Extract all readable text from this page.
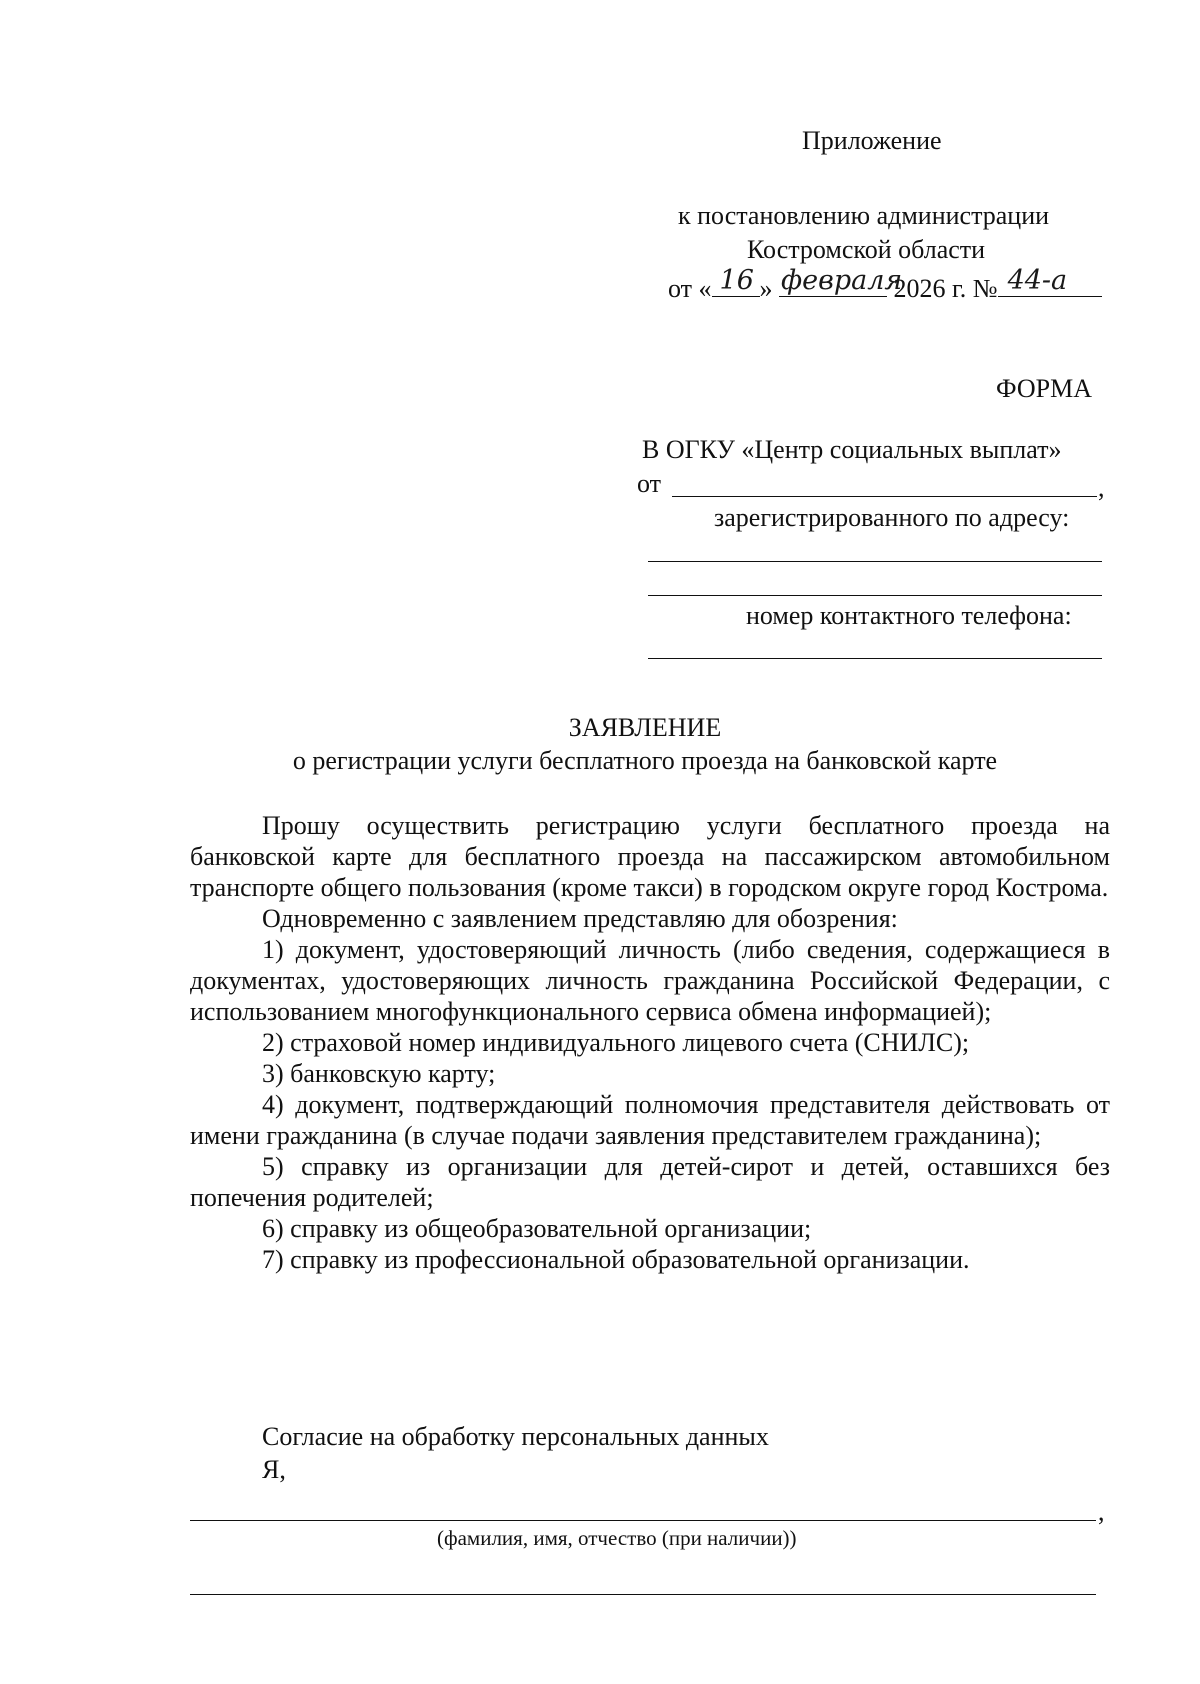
Приложение
к постановлению администрации
Костромской области
от « 16 » февраля
2026 г. № 44-а
ФОРМА
В ОГКУ «Центр социальных выплат»
от	,
зарегистрированного по адресу:
номер контактного телефона:
ЗАЯВЛЕНИЕ
о регистрации услуги бесплатного проезда на банковской карте

Прошу осуществить регистрацию услуги бесплатного проезда на банковской карте для бесплатного проезда на пассажирском автомобильном транспорте общего пользования (кроме такси) в городском округе город Кострома.

Одновременно с заявлением представляю для обозрения:

1) документ, удостоверяющий личность (либо сведения, содержащиеся в документах, удостоверяющих личность гражданина Российской Федерации, с использованием многофункционального сервиса обмена информацией);

2) страховой номер индивидуального лицевого счета (СНИЛС);

3) банковскую карту;

4) документ, подтверждающий полномочия представителя действовать от имени гражданина (в случае подачи заявления представителем гражданина);

5) справку из организации для детей-сирот и детей, оставшихся без попечения родителей;

6) справку из общеобразовательной организации;

7) справку из профессиональной образовательной организации.

Согласие на обработку персональных данных
Я,
,
(фамилия, имя, отчество (при наличии))
